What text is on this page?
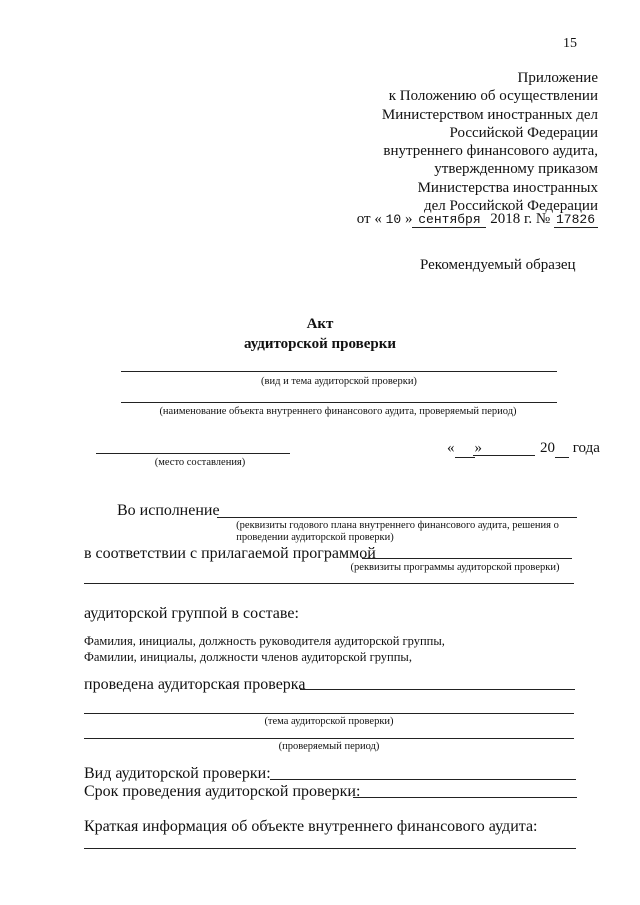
15
Приложение
к Положению об осуществлении
Министерством иностранных дел
Российской Федерации
внутреннего финансового аудита,
утвержденному приказом
Министерства иностранных
дел Российской Федерации
от « 10 » сентября 2018 г. № 17826
Рекомендуемый образец
Акт
аудиторской проверки
(вид и тема аудиторской проверки)
(наименование объекта внутреннего финансового аудита, проверяемый период)
(место составления)
« »	20 года
Во исполнение
(реквизиты годового плана внутреннего финансового аудита, решения о
проведении аудиторской проверки)
в соответствии с прилагаемой программой
(реквизиты программы аудиторской проверки)
аудиторской группой в составе:
Фамилия, инициалы, должность руководителя аудиторской группы,
Фамилии, инициалы, должности членов аудиторской группы,
проведена аудиторская проверка
(тема аудиторской проверки)
(проверяемый период)
Вид аудиторской проверки:
Срок проведения аудиторской проверки:
Краткая информация об объекте внутреннего финансового аудита:
